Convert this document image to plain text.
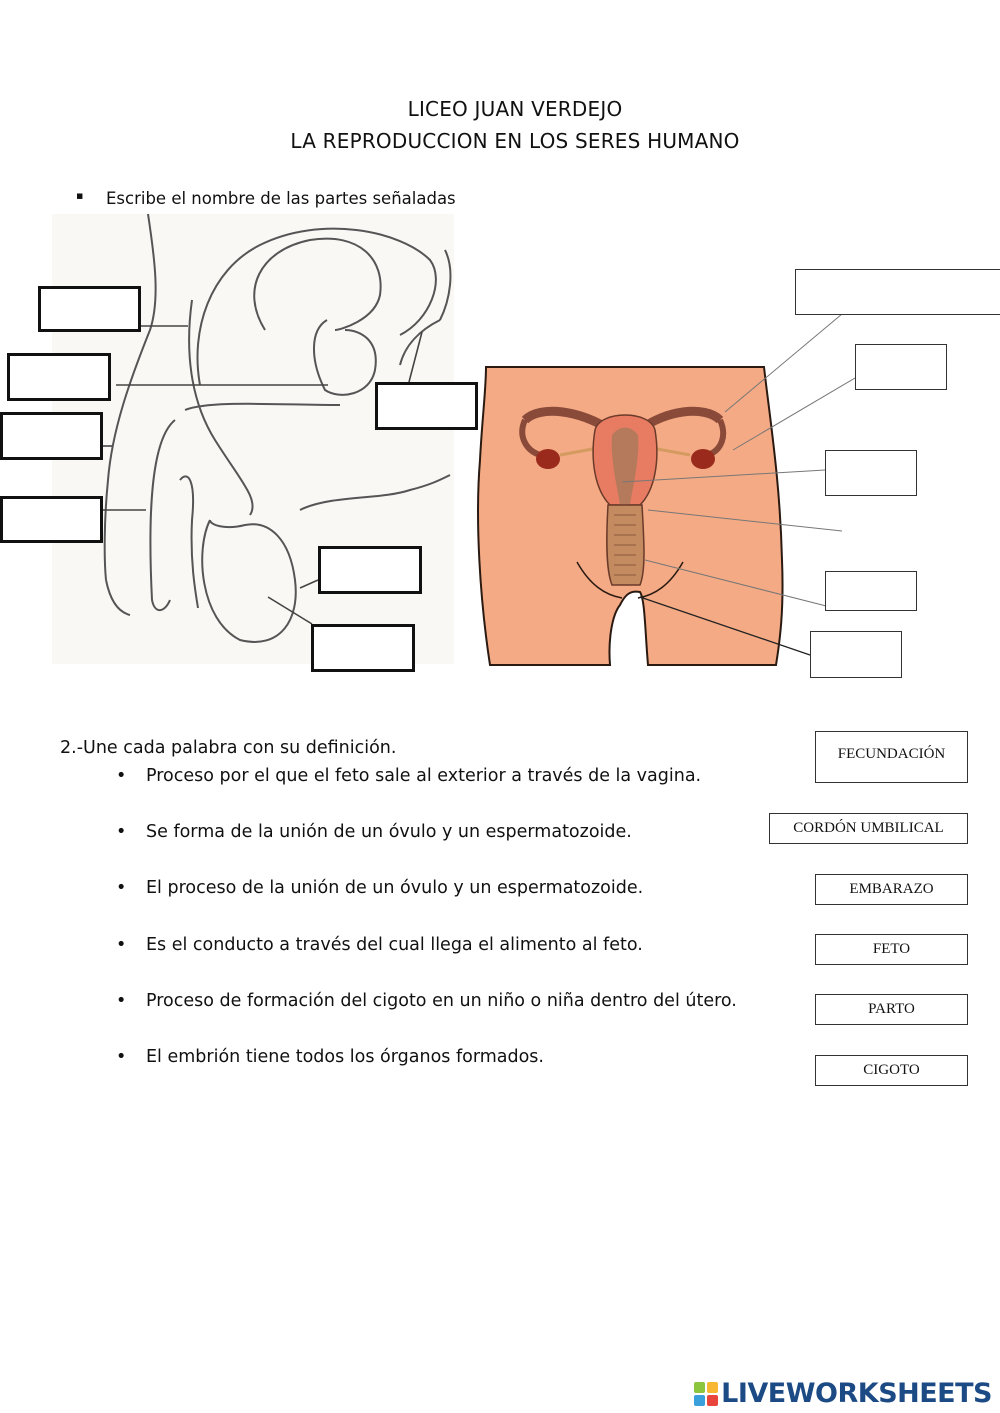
LICEO JUAN VERDEJO
LA REPRODUCCION EN LOS SERES HUMANO
▪ Escribe el nombre de las partes señaladas
2.-Une cada palabra con su definición.
• Proceso por el que el feto sale al exterior a través de la vagina.
• Se forma de la unión de un óvulo y un espermatozoide.
• El proceso de la unión de un óvulo y un espermatozoide.
• Es el conducto a través del cual llega el alimento al feto.
• Proceso de formación del cigoto en un niño o niña dentro del útero.
• El embrión tiene todos los órganos formados.
FECUNDACIÓN
CORDÓN UMBILICAL
EMBARAZO
FETO
PARTO
CIGOTO
LIVEWORKSHEETS
